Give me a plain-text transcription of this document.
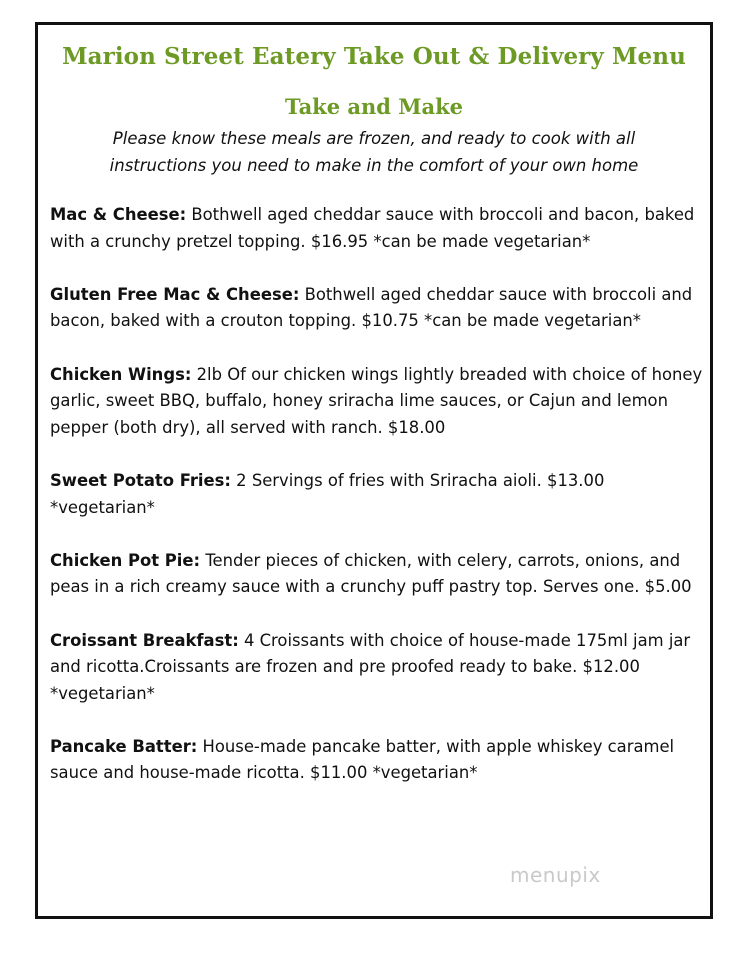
Marion Street Eatery Take Out & Delivery Menu
Take and Make
Please know these meals are frozen, and ready to cook with all
instructions you need to make in the comfort of your own home

Mac & Cheese: Bothwell aged cheddar sauce with broccoli and bacon, baked with a crunchy pretzel topping. $16.95 *can be made vegetarian*

Gluten Free Mac & Cheese: Bothwell aged cheddar sauce with broccoli and bacon, baked with a crouton topping. $10.75 *can be made vegetarian*

Chicken Wings: 2lb Of our chicken wings lightly breaded with choice of honey garlic, sweet BBQ, buffalo, honey sriracha lime sauces, or Cajun and lemon pepper (both dry), all served with ranch. $18.00

Sweet Potato Fries: 2 Servings of fries with Sriracha aioli. $13.00 *vegetarian*

Chicken Pot Pie: Tender pieces of chicken, with celery, carrots, onions, and peas in a rich creamy sauce with a crunchy puff pastry top. Serves one. $5.00

Croissant Breakfast: 4 Croissants with choice of house-made 175ml jam jar and ricotta.Croissants are frozen and pre proofed ready to bake. $12.00 *vegetarian*

Pancake Batter: House-made pancake batter, with apple whiskey caramel sauce and house-made ricotta. $11.00 *vegetarian*

menupix
